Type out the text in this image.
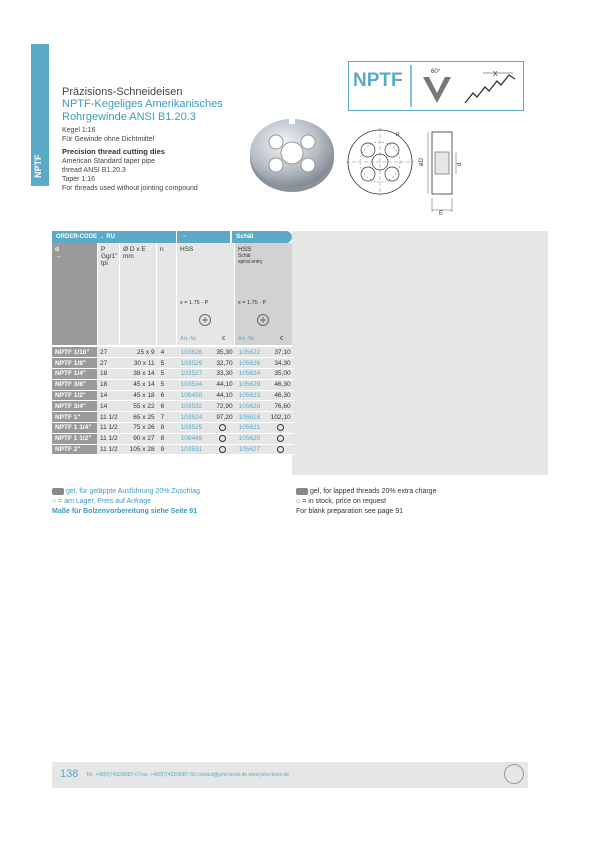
NPTF
Präzisions-Schneideisen
NPTF-Kegeliges Amerikanisches
Rohrgewinde ANSI B1.20.3
Kegel 1:16
Für Gewinde ohne Dichtmittel
Precision thread cutting dies
American Standard taper pipe
thread ANSI B1.20.3
Taper 1:16
For threads used without jointing compound
NPTF	60°	X
n
øD	d
E
ORDER-CODE → RU	→	Schäl
d
→
P
Gg/1"
tpi
Ø D x E
mm
n	HSS
x = 1.75 · P
HSS
Schäl
spiral entry
x = 1.75 · P
Art.-Nr.	€ Art.-Nr.	€
NPTF 1/16"	27	25 x 9	4	103526	35,30	105622	37,10
NPTF 1/8"	27	30 x 11	5	103529	32,70	105626	34,30
NPTF 1/4"	18	38 x 14	5	103527	33,30	105624	35,00
NPTF 3/8"	18	45 x 14	5	103534	44,10	105629	46,30
NPTF 1/2"	14	45 x 18	6	108450	44,10	105623	46,30
NPTF 3/4"	14	55 x 22	6	103532	72,90	105628	76,60
NPTF 1"	11 1/2	65 x 25	7	103524	97,20	105618	102,10
NPTF 1 1/4"	11 1/2	75 x 26	8	103525		105621	
NPTF 1 1/2"	11 1/2	90 x 27	8	108449		105620	
NPTF 2"	11 1/2	105 x 28	9	103531		105627	
gel, für geläppte Ausführung 20% Zuschlag
○ = am Lager, Preis auf Anfrage
Maße für Bolzenvorbereitung siehe Seite 91
gel, for lapped threads 20% extra charge
○ = in stock, price on request
For blank preparation see page 91
138 Tel. +49(0)7432/9087-0 Fax. +49(0)7432/9087-60 contact@joho-boss.de www.joho-boss.de
